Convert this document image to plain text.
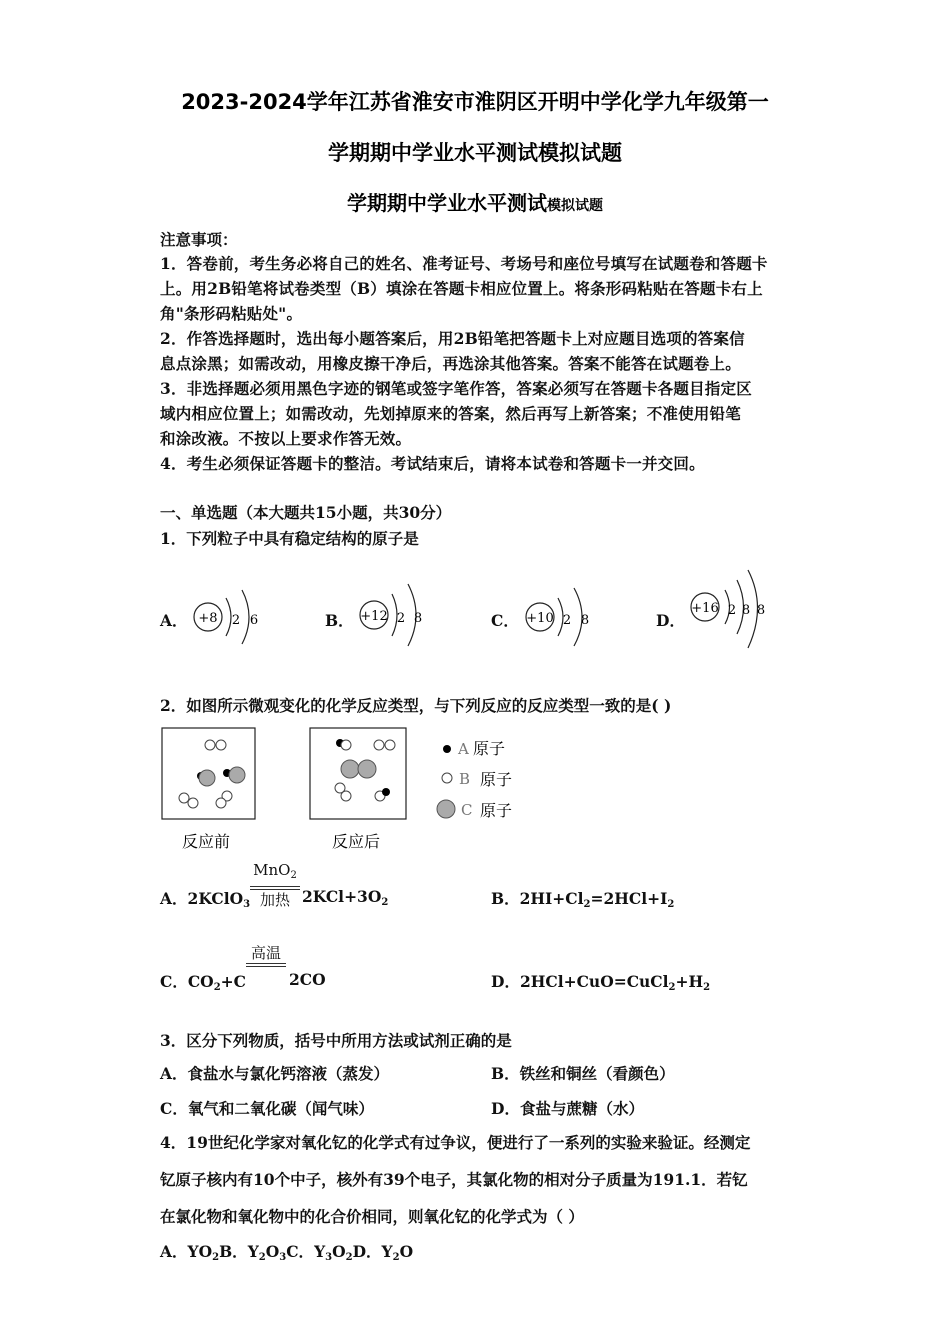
2023-2024学年江苏省淮安市淮阴区开明中学化学九年级第一
学期期中学业水平测试模拟试题
学期期中学业水平测试模拟试题
注意事项：
1．答卷前，考生务必将自己的姓名、准考证号、考场号和座位号填写在试题卷和答题卡
上。用2B铅笔将试卷类型（B）填涂在答题卡相应位置上。将条形码粘贴在答题卡右上
角"条形码粘贴处"。
2．作答选择题时，选出每小题答案后，用2B铅笔把答题卡上对应题目选项的答案信
息点涂黑；如需改动，用橡皮擦干净后，再选涂其他答案。答案不能答在试题卷上。
3．非选择题必须用黑色字迹的钢笔或签字笔作答，答案必须写在答题卡各题目指定区
域内相应位置上；如需改动，先划掉原来的答案，然后再写上新答案；不准使用铅笔
和涂改液。不按以上要求作答无效。
4．考生必须保证答题卡的整洁。考试结束后，请将本试卷和答题卡一并交回。
一、单选题（本大题共15小题，共30分）
1．下列粒子中具有稳定结构的原子是
A． +8 2 6	B． +12 2 8	C． +10 2 8	D．
+16 2 8 8
2．如图所示微观变化的化学反应类型，与下列反应的反应类型一致的是( )
反应前	反应后
A 原子
B 原子
C 原子
A．2KClO$_3$
MnO$_2$
加热 $2KCl+3O_2$	B．$2HI+Cl_2=2HCl+I_2$
C．$CO_2+C$
高温
2CO	D．$2HCl+CuO=CuCl_2+H_2$
3．区分下列物质，括号中所用方法或试剂正确的是
A．食盐水与氯化钙溶液（蒸发）	B．铁丝和铜丝（看颜色）
C．氧气和二氧化碳（闻气味）	D．食盐与蔗糖（水）
4．19世纪化学家对氧化钇的化学式有过争议，便进行了一系列的实验来验证。经测定
钇原子核内有10个中子，核外有39个电子，其氯化物的相对分子质量为191.1．若钇
在氯化物和氧化物中的化合价相同，则氧化钇的化学式为（ ）
A．$YO_2B$．$Y_2O_3C$．$Y_3O_2D$．$Y_2O$
